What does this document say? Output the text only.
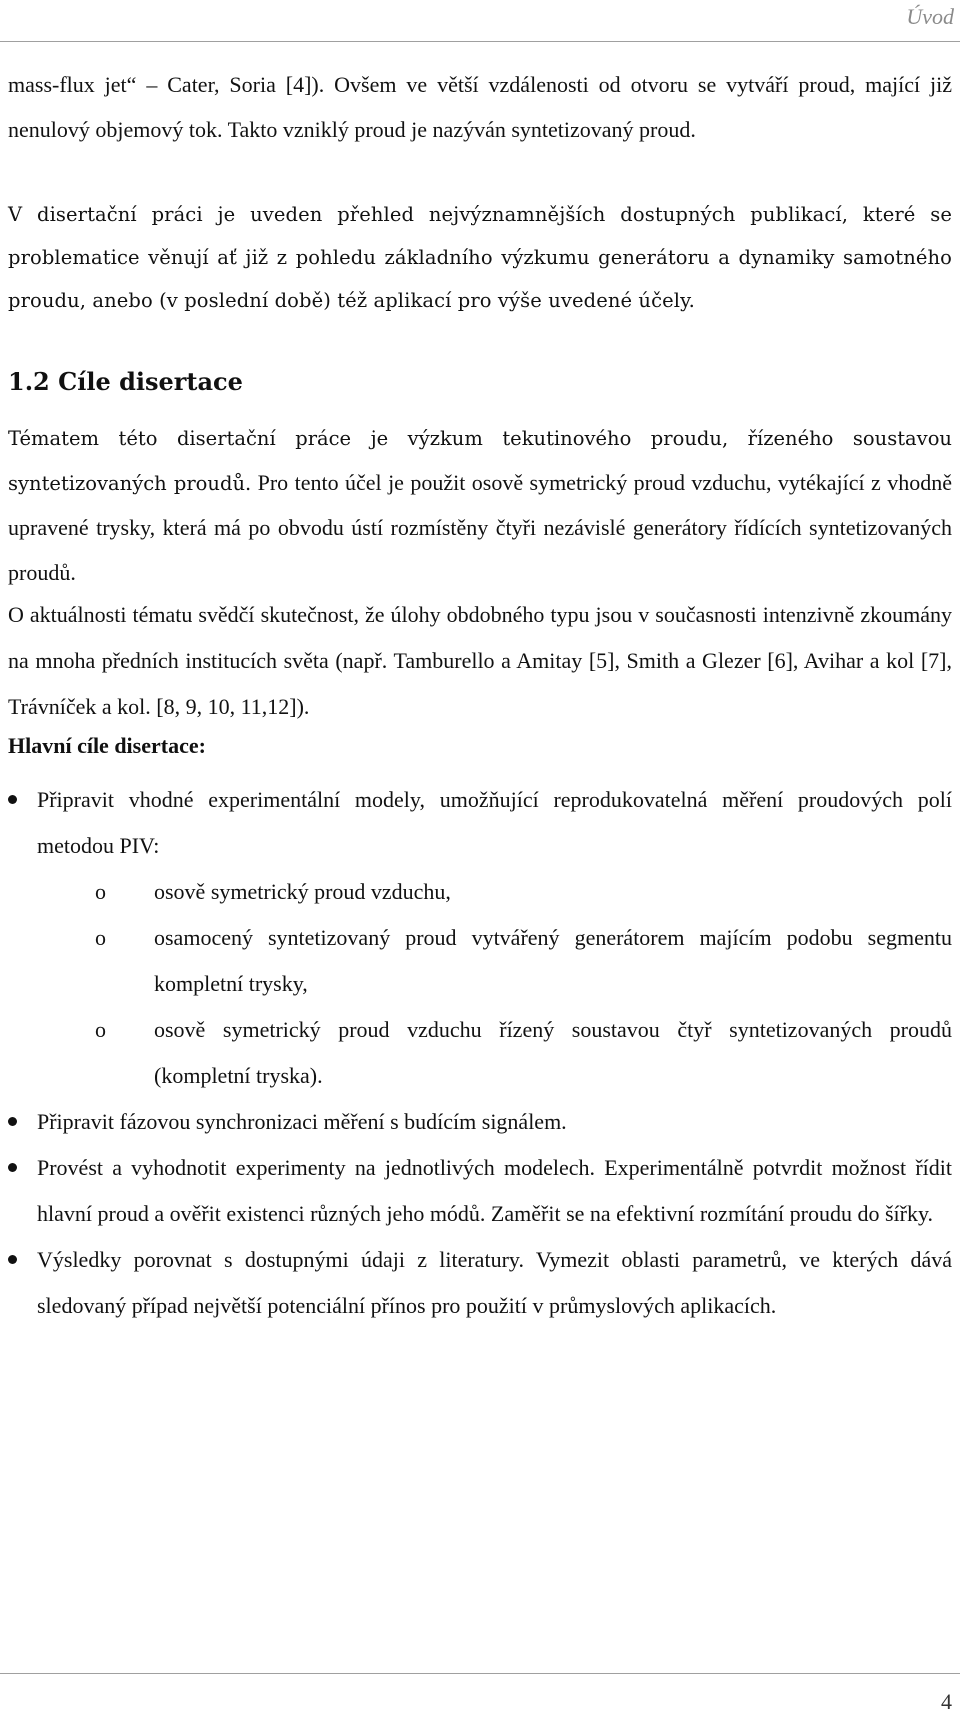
Úvod

mass-flux jet“ – Cater, Soria [4]). Ovšem ve větší vzdálenosti od otvoru se vytváří proud, mající již nenulový objemový tok. Takto vzniklý proud je nazýván syntetizovaný proud.

V disertační práci je uveden přehled nejvýznamnějších dostupných publikací, které se problematice věnují ať již z pohledu základního výzkumu generátoru a dynamiky samotného proudu, anebo (v poslední době) též aplikací pro výše uvedené účely.

1.2 Cíle disertace

Tématem této disertační práce je výzkum tekutinového proudu, řízeného soustavou syntetizovaných proudů. Pro tento účel je použit osově symetrický proud vzduchu, vytékající z vhodně upravené trysky, která má po obvodu ústí rozmístěny čtyři nezávislé generátory řídících syntetizovaných proudů.

O aktuálnosti tématu svědčí skutečnost, že úlohy obdobného typu jsou v současnosti intenzivně zkoumány na mnoha předních institucích světa (např. Tamburello a Amitay [5], Smith a Glezer [6], Avihar a kol [7], Trávníček a kol. [8, 9, 10, 11,12]).

Hlavní cíle disertace:
Připravit vhodné experimentální modely, umožňující reprodukovatelná měření proudových polí metodou PIV:
o osově symetrický proud vzduchu,
o osamocený syntetizovaný proud vytvářený generátorem majícím podobu segmentu kompletní trysky,
o osově symetrický proud vzduchu řízený soustavou čtyř syntetizovaných proudů (kompletní tryska).
Připravit fázovou synchronizaci měření s budícím signálem.
Provést a vyhodnotit experimenty na jednotlivých modelech. Experimentálně potvrdit možnost řídit hlavní proud a ověřit existenci různých jeho módů. Zaměřit se na efektivní rozmítání proudu do šířky.
Výsledky porovnat s dostupnými údaji z literatury. Vymezit oblasti parametrů, ve kterých dává sledovaný případ největší potenciální přínos pro použití v průmyslových aplikacích.
4
